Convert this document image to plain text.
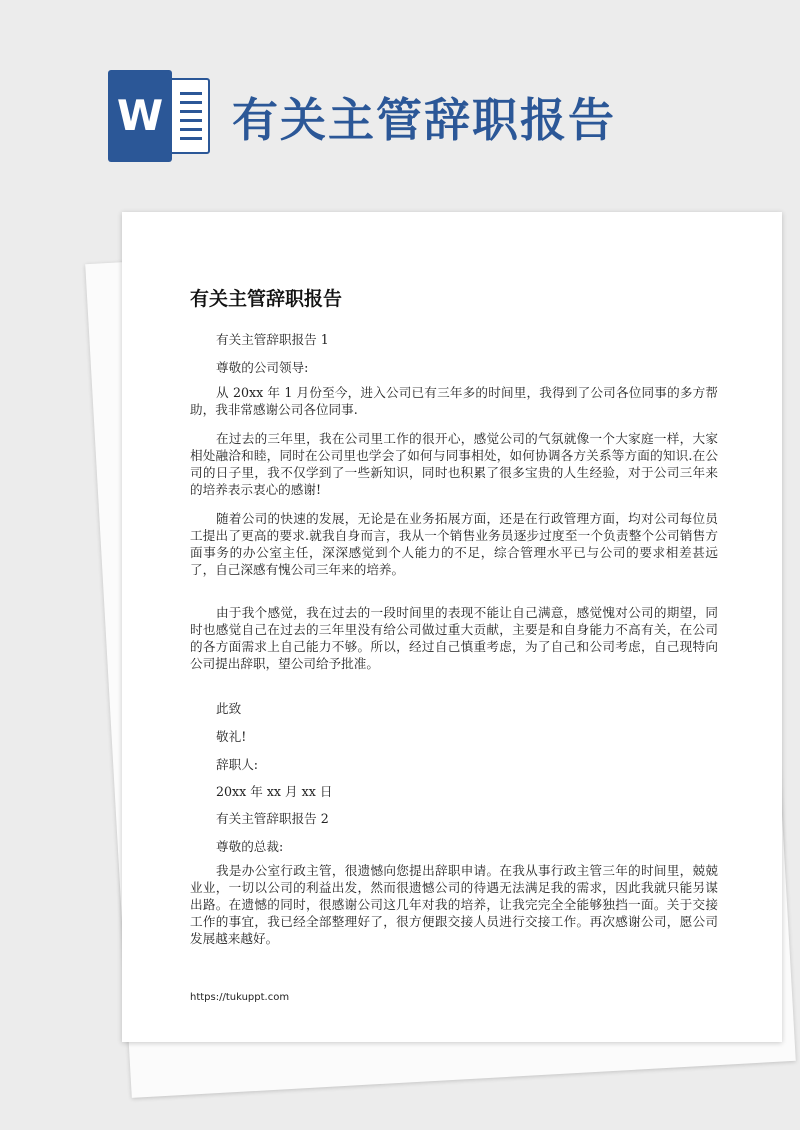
W 有关主管辞职报告
有关主管辞职报告
有关主管辞职报告 1
尊敬的公司领导:

从 20xx 年 1 月份至今，进入公司已有三年多的时间里，我得到了公司各位同事的多方帮助，我非常感谢公司各位同事.

在过去的三年里，我在公司里工作的很开心，感觉公司的气氛就像一个大家庭一样，大家相处融洽和睦，同时在公司里也学会了如何与同事相处，如何协调各方关系等方面的知识.在公司的日子里，我不仅学到了一些新知识，同时也积累了很多宝贵的人生经验，对于公司三年来的培养表示衷心的感谢!

随着公司的快速的发展，无论是在业务拓展方面，还是在行政管理方面，均对公司每位员工提出了更高的要求.就我自身而言，我从一个销售业务员逐步过度至一个负责整个公司销售方面事务的办公室主任，深深感觉到个人能力的不足，综合管理水平已与公司的要求相差甚远了，自己深感有愧公司三年来的培养。

由于我个感觉，我在过去的一段时间里的表现不能让自己满意，感觉愧对公司的期望，同时也感觉自己在过去的三年里没有给公司做过重大贡献，主要是和自身能力不高有关，在公司的各方面需求上自己能力不够。所以，经过自己慎重考虑，为了自己和公司考虑，自己现特向公司提出辞职，望公司给予批准。

此致
敬礼!
辞职人:
20xx 年 xx 月 xx 日
有关主管辞职报告 2
尊敬的总裁:

我是办公室行政主管，很遗憾向您提出辞职申请。在我从事行政主管三年的时间里，兢兢业业，一切以公司的利益出发，然而很遗憾公司的待遇无法满足我的需求，因此我就只能另谋出路。在遗憾的同时，很感谢公司这几年对我的培养，让我完完全全能够独挡一面。关于交接工作的事宜，我已经全部整理好了，很方便跟交接人员进行交接工作。再次感谢公司，愿公司发展越来越好。

https://tukuppt.com
